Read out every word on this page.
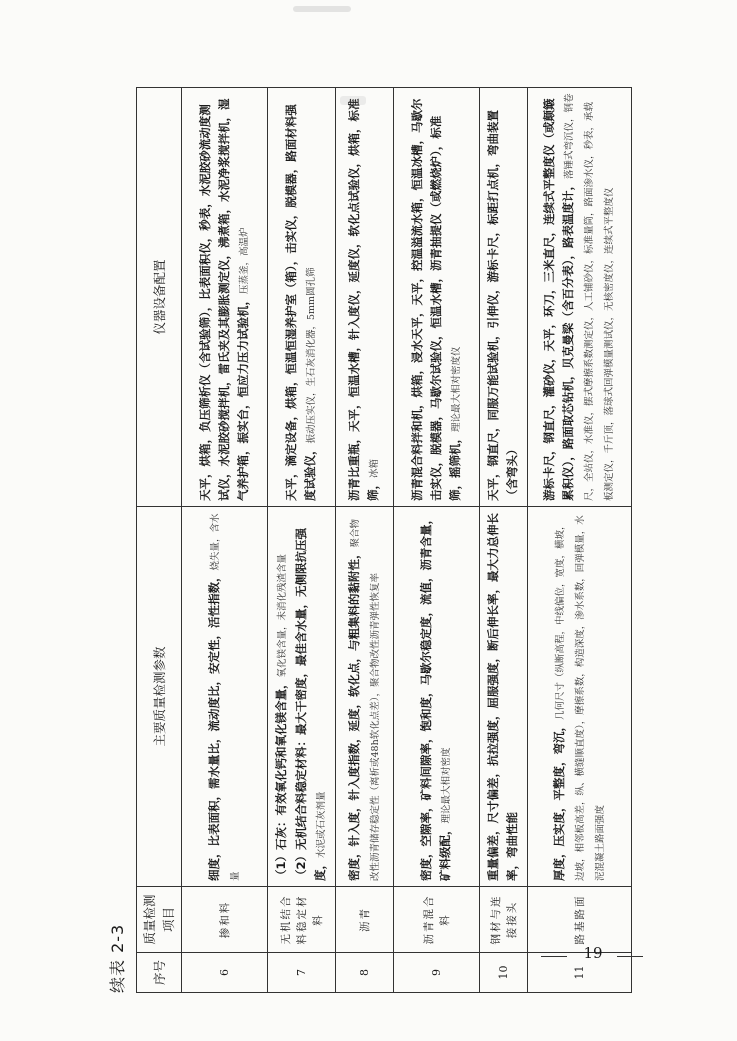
续表 2-3 序号	质量检测项目	主要质量检测参数	仪器设备配置
6	掺和料	细度，比表面积，需水量比，流动度比，安定性，活性指数，烧失量，含水量	天平，烘箱，负压筛析仪（含试验筛），比表面积仪，秒表，水泥胶砂流动度测试仪，水泥胶砂搅拌机，雷氏夹及其膨胀测定仪，沸煮箱，水泥净浆搅拌机，湿气养护箱，振实台，恒应力压力试验机，压蒸釜，高温炉
7	无机结合料稳定材料	（1）石灰：有效氧化钙和氧化镁含量，氧化镁含量，未消化残渣含量 （2）无机结合料稳定材料：最大干密度，最佳含水量，无侧限抗压强度，水泥或石灰剂量	天平，滴定设备，烘箱，恒温恒湿养护室（箱），击实仪，脱模器，路面材料强度试验仪，振动压实仪，生石灰消化器，5mm圆孔筛
8	沥青	密度，针入度，针入度指数，延度，软化点，与粗集料的黏附性，聚合物改性沥青储存稳定性（离析或48h软化点差），聚合物改性沥青弹性恢复率	沥青比重瓶，天平，恒温水槽，针入度仪，延度仪，软化点试验仪，烘箱，标准筛，冰箱
9	沥青混合料	密度，空隙率，矿料间隙率，饱和度，马歇尔稳定度，流值，沥青含量，矿料级配，理论最大相对密度	沥青混合料拌和机，烘箱，浸水天平，天平，控温溢流水箱，恒温冰槽，马歇尔击实仪，脱模器，马歇尔试验仪，恒温水槽，沥青抽提仪（或燃烧炉），标准筛，摇筛机，理论最大相对密度仪
10	钢材与连接接头	重量偏差，尺寸偏差，抗拉强度，屈服强度，断后伸长率，最大力总伸长率，弯曲性能	天平，钢直尺，同服万能试验机，引伸仪，游标卡尺，标距打点机，弯曲装置（含弯头）
11	路基路面	厚度，压实度，平整度，弯沉，几何尺寸（纵断高程，中线偏位，宽度，横坡，边坡，相邻板高差，纵、横缝顺直度），摩擦系数，构造深度，渗水系数，回弹模量，水泥混凝土路面强度	游标卡尺，钢直尺，灌砂仪，天平，环刀，三米直尺，连续式平整度仪（或颠簸累积仪），路面取芯钻机，贝克曼梁（含百分表），路表温度计，落锤式弯沉仪，钢卷尺，全站仪，水准仪，摆式摩擦系数测定仪，人工铺砂仪，标准量筒，路面渗水仪，秒表，承载板测定仪，千斤顶，落球式回弹模量测试仪，无核密度仪，连续式平整度仪
19
